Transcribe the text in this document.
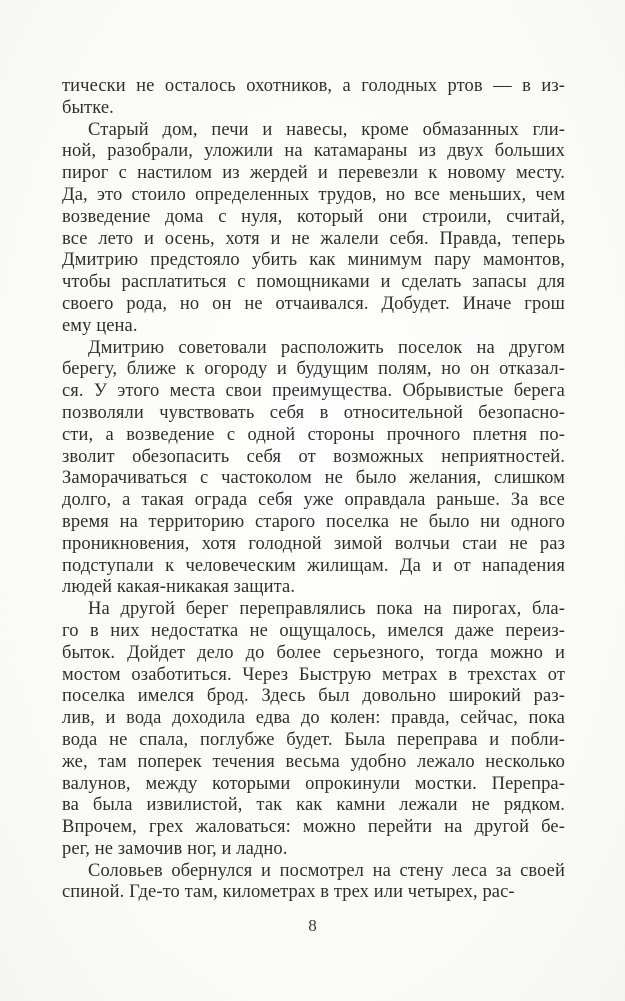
тически не осталось охотников, а голодных ртов — в из-
бытке.
Старый дом, печи и навесы, кроме обмазанных гли-
ной, разобрали, уложили на катамараны из двух больших
пирог с настилом из жердей и перевезли к новому месту.
Да, это стоило определенных трудов, но все меньших, чем
возведение дома с нуля, который они строили, считай,
все лето и осень, хотя и не жалели себя. Правда, теперь
Дмитрию предстояло убить как минимум пару мамонтов,
чтобы расплатиться с помощниками и сделать запасы для
своего рода, но он не отчаивался. Добудет. Иначе грош
ему цена.
Дмитрию советовали расположить поселок на другом
берегу, ближе к огороду и будущим полям, но он отказал-
ся. У этого места свои преимущества. Обрывистые берега
позволяли чувствовать себя в относительной безопасно-
сти, а возведение с одной стороны прочного плетня по-
зволит обезопасить себя от возможных неприятностей.
Заморачиваться с частоколом не было желания, слишком
долго, а такая ограда себя уже оправдала раньше. За все
время на территорию старого поселка не было ни одного
проникновения, хотя голодной зимой волчьи стаи не раз
подступали к человеческим жилищам. Да и от нападения
людей какая-никакая защита.
На другой берег переправлялись пока на пирогах, бла-
го в них недостатка не ощущалось, имелся даже переиз-
быток. Дойдет дело до более серьезного, тогда можно и
мостом озаботиться. Через Быструю метрах в трехстах от
поселка имелся брод. Здесь был довольно широкий раз-
лив, и вода доходила едва до колен: правда, сейчас, пока
вода не спала, поглубже будет. Была переправа и побли-
же, там поперек течения весьма удобно лежало несколько
валунов, между которыми опрокинули мостки. Перепра-
ва была извилистой, так как камни лежали не рядком.
Впрочем, грех жаловаться: можно перейти на другой бе-
рег, не замочив ног, и ладно.
Соловьев обернулся и посмотрел на стену леса за своей
спиной. Где-то там, километрах в трех или четырех, рас-
8
